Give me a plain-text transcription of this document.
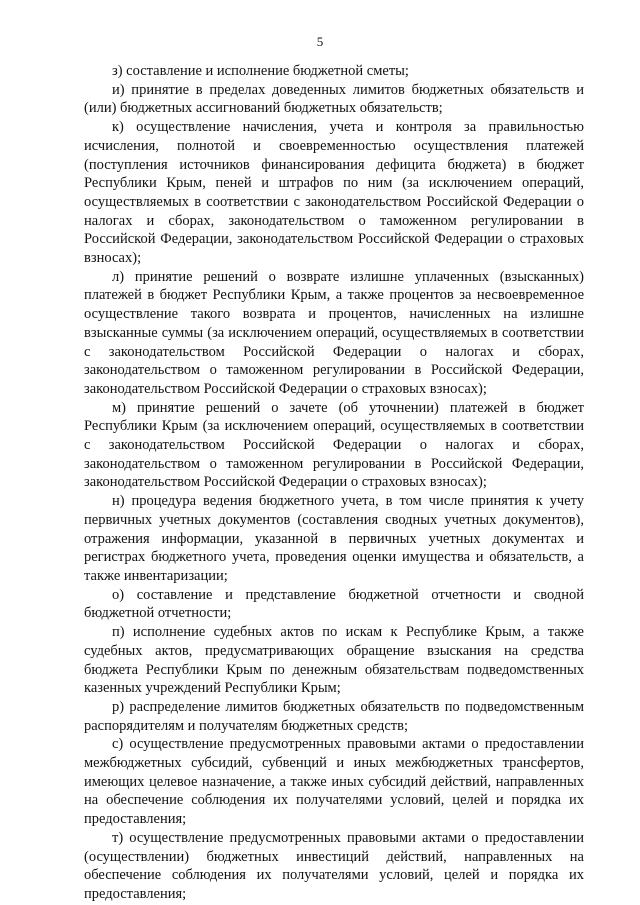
5

з) составление и исполнение бюджетной сметы;

и) принятие в пределах доведенных лимитов бюджетных обязательств и (или) бюджетных ассигнований бюджетных обязательств;

к) осуществление начисления, учета и контроля за правильностью исчисления, полнотой и своевременностью осуществления платежей (поступления источников финансирования дефицита бюджета) в бюджет Республики Крым, пеней и штрафов по ним (за исключением операций, осуществляемых в соответствии с законодательством Российской Федерации о налогах и сборах, законодательством о таможенном регулировании в Российской Федерации, законодательством Российской Федерации о страховых взносах);

л) принятие решений о возврате излишне уплаченных (взысканных) платежей в бюджет Республики Крым, а также процентов за несвоевременное осуществление такого возврата и процентов, начисленных на излишне взысканные суммы (за исключением операций, осуществляемых в соответствии с законодательством Российской Федерации о налогах и сборах, законодательством о таможенном регулировании в Российской Федерации, законодательством Российской Федерации о страховых взносах);

м) принятие решений о зачете (об уточнении) платежей в бюджет Республики Крым (за исключением операций, осуществляемых в соответствии с законодательством Российской Федерации о налогах и сборах, законодательством о таможенном регулировании в Российской Федерации, законодательством Российской Федерации о страховых взносах);

н) процедура ведения бюджетного учета, в том числе принятия к учету первичных учетных документов (составления сводных учетных документов), отражения информации, указанной в первичных учетных документах и регистрах бюджетного учета, проведения оценки имущества и обязательств, а также инвентаризации;

о) составление и представление бюджетной отчетности и сводной бюджетной отчетности;

п) исполнение судебных актов по искам к Республике Крым, а также судебных актов, предусматривающих обращение взыскания на средства бюджета Республики Крым по денежным обязательствам подведомственных казенных учреждений Республики Крым;

р) распределение лимитов бюджетных обязательств по подведомственным распорядителям и получателям бюджетных средств;

с) осуществление предусмотренных правовыми актами о предоставлении межбюджетных субсидий, субвенций и иных межбюджетных трансфертов, имеющих целевое назначение, а также иных субсидий действий, направленных на обеспечение соблюдения их получателями условий, целей и порядка их предоставления;

т) осуществление предусмотренных правовыми актами о предоставлении (осуществлении) бюджетных инвестиций действий, направленных на обеспечение соблюдения их получателями условий, целей и порядка их предоставления;
